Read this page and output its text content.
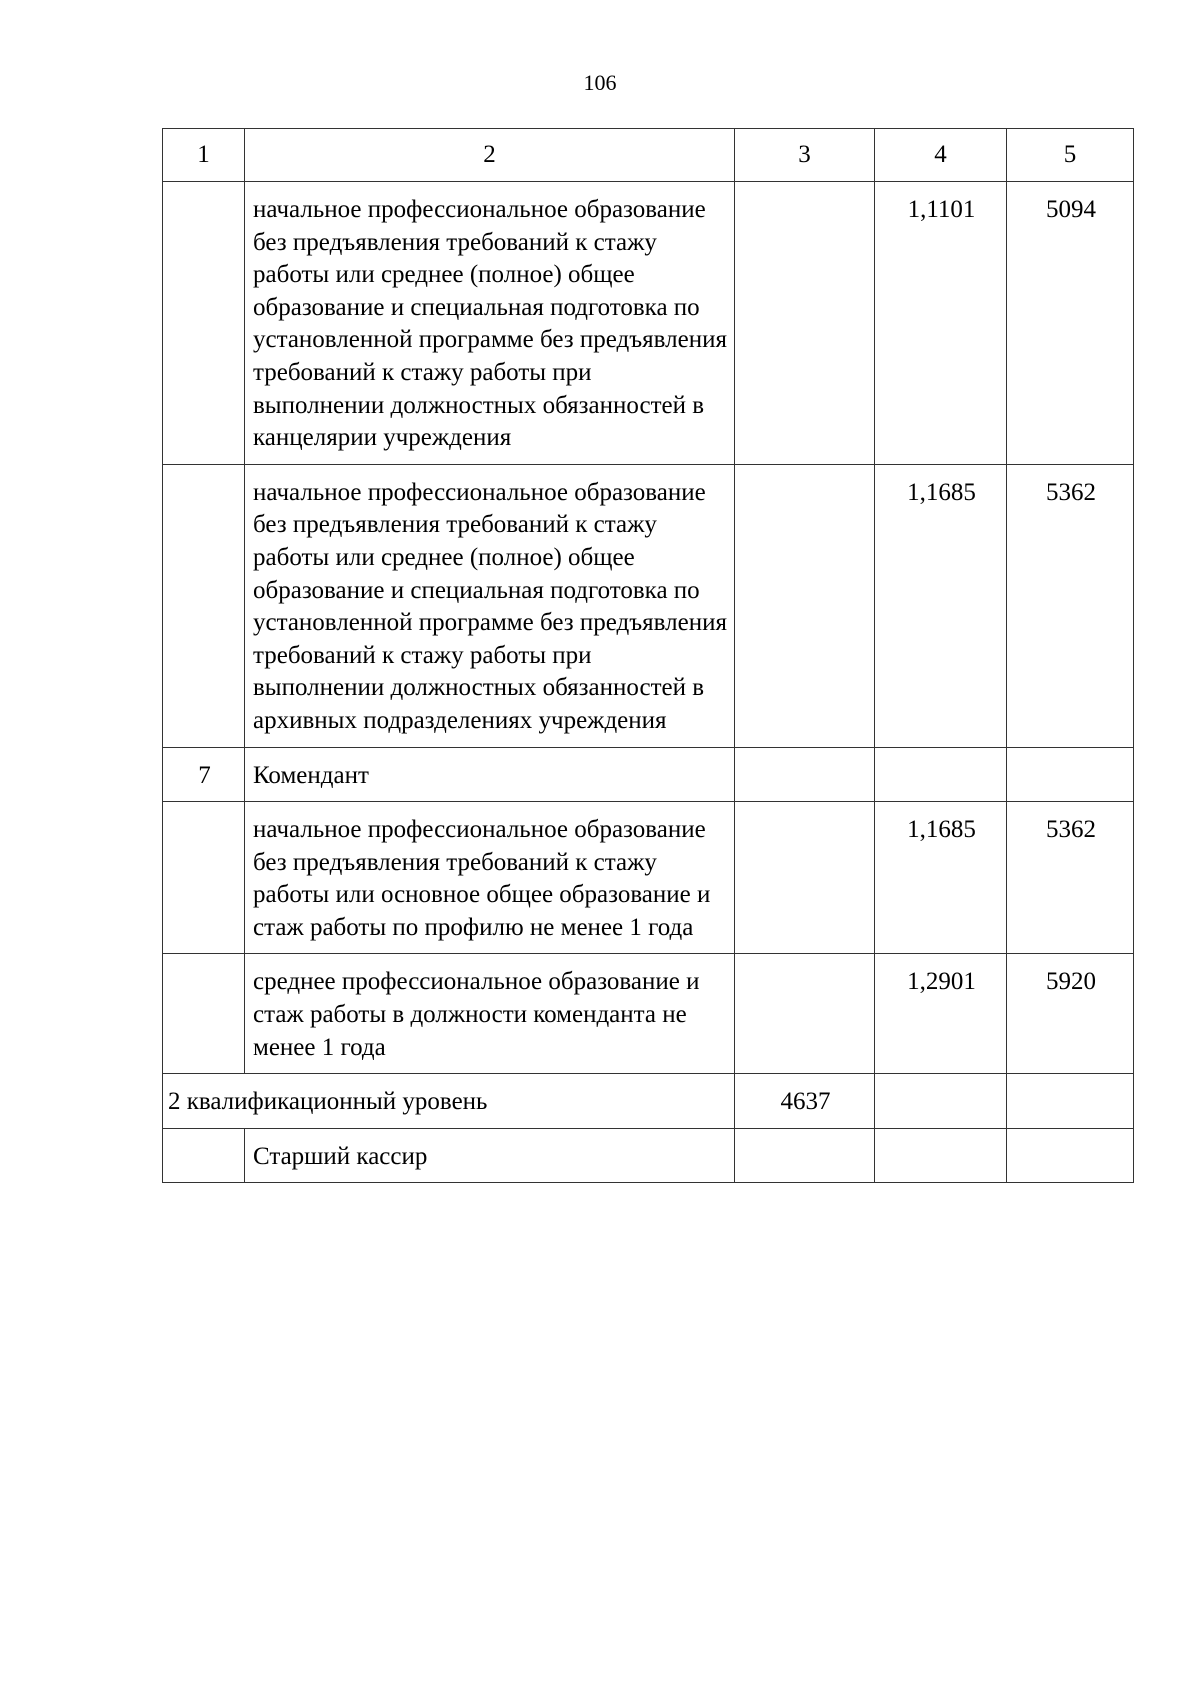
106
1	2	3	4	5
	начальное профессиональное образование без предъявления требований к стажу работы или среднее (полное) общее образование и специальная подготовка по установленной программе без предъявления требований к стажу работы при выполнении должностных обязанностей в канцелярии учреждения		1,1101	5094
	начальное профессиональное образование без предъявления требований к стажу работы или среднее (полное) общее образование и специальная подготовка по установленной программе без предъявления требований к стажу работы при выполнении должностных обязанностей в архивных подразделениях учреждения		1,1685	5362
7	Комендант			
	начальное профессиональное образование без предъявления требований к стажу работы или основное общее образование и стаж работы по профилю не менее 1 года		1,1685	5362
	среднее профессиональное образование и стаж работы в должности коменданта не менее 1 года		1,2901	5920
2 квалификационный уровень		4637		
	Старший кассир			
